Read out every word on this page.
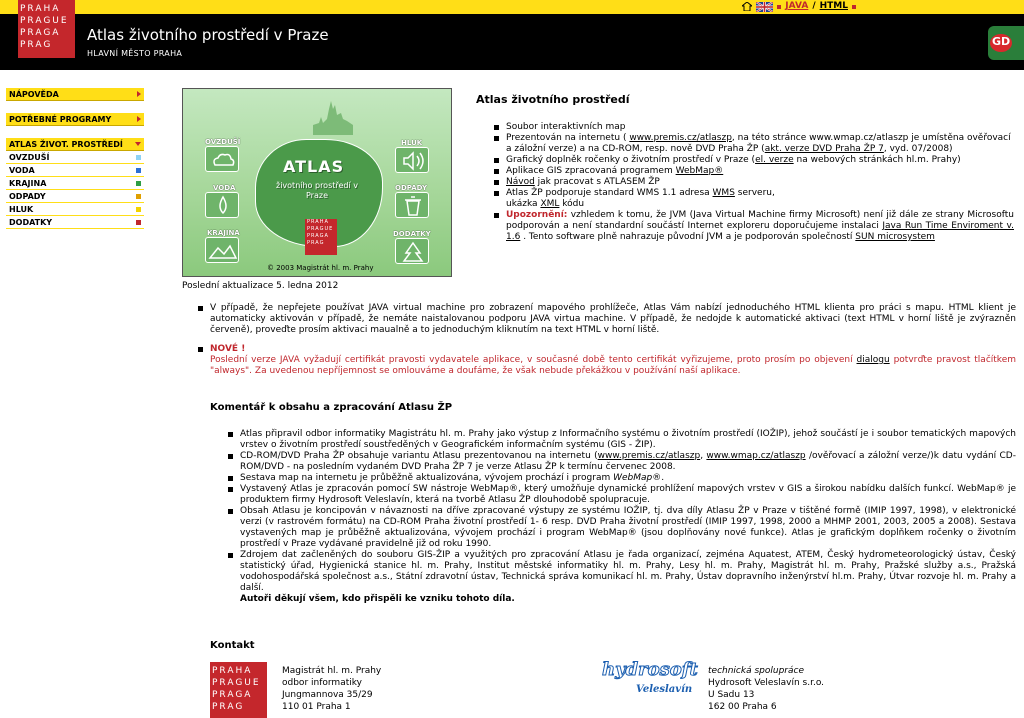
JAVA / HTML
Atlas životního prostředí v Praze
HLAVNÍ MĚSTO PRAHA
GD
PRAHA
PRAGUE
PRAGA
PRAG
NÁPOVĚDA
POTŘEBNÉ PROGRAMY
ATLAS ŽIVOT. PROSTŘEDÍ
OVZDUŠÍ
VODA
KRAJINA
ODPADY
HLUK
DODATKY
ATLAS
životního prostředí v Praze
PRAHA
PRAGUE
PRAGA
PRAG
OVZDUŠÍ
VODA
KRAJINA
HLUK
ODPADY
DODATKY
© 2003 Magistrát hl. m. Prahy
Poslední aktualizace 5. ledna 2012
Atlas životního prostředí
Soubor interaktivních map
Prezentován na internetu ( www.premis.cz/atlaszp, na této stránce www.wmap.cz/atlaszp je umístěna ověřovací a záložní verze) a na CD-ROM, resp. nově DVD Praha ŽP (akt. verze DVD Praha ŽP 7, vyd. 07/2008)
Grafický doplněk ročenky o životním prostředí v Praze (el. verze na webových stránkách hl.m. Prahy)
Aplikace GIS zpracovaná programem WebMap®
Návod jak pracovat s ATLASEM ŽP
Atlas ŽP podporuje standard WMS 1.1 adresa WMS serveru,
ukázka XML kódu
Upozornění: vzhledem k tomu, že JVM (Java Virtual Machine firmy Microsoft) není již dále ze strany Microsoftu podporován a není standardní součástí Internet exploreru doporučujeme instalaci Java Run Time Enviroment v. 1.6 . Tento software plně nahrazuje původní JVM a je podporován společností SUN microsystem
V případě, že nepřejete používat JAVA virtual machine pro zobrazení mapového prohlížeče, Atlas Vám nabízí jednoduchého HTML klienta pro práci s mapu. HTML klient je automaticky aktivován v případě, že nemáte naistalovanou podporu JAVA virtua machine. V případě, že nedojde k automatické aktivaci (text HTML v horní liště je zvýrazněn červeně), proveďte prosím aktivaci maualně a to jednoduchým kliknutím na text HTML v horní liště.
NOVÉ !
Poslední verze JAVA vyžadují certifikát pravosti vydavatele aplikace, v současné době tento certifikát vyřizujeme, proto prosím po objevení dialogu potvrďte pravost tlačítkem "always". Za uvedenou nepříjemnost se omlouváme a doufáme, že však nebude překážkou v používání naší aplikace.
Komentář k obsahu a zpracování Atlasu ŽP
Atlas připravil odbor informatiky Magistrátu hl. m. Prahy jako výstup z Informačního systému o životním prostředí (IOŽIP), jehož součástí je i soubor tematických mapových vrstev o životním prostředí soustředěných v Geografickém informačním systému (GIS - ŽIP).
CD-ROM/DVD Praha ŽP obsahuje variantu Atlasu prezentovanou na internetu (www.premis.cz/atlaszp, www.wmap.cz/atlaszp /ověřovací a záložní verze/)k datu vydání CD-ROM/DVD - na posledním vydaném DVD Praha ŽP 7 je verze Atlasu ŽP k termínu červenec 2008.
Sestava map na internetu je průběžně aktualizována, vývojem prochází i program WebMap®.
Vystavený Atlas je zpracován pomocí SW nástroje WebMap®, který umožňuje dynamické prohlížení mapových vrstev v GIS a širokou nabídku dalších funkcí. WebMap® je produktem firmy Hydrosoft Veleslavín, která na tvorbě Atlasu ŽP dlouhodobě spolupracuje.
Obsah Atlasu je koncipován v návaznosti na dříve zpracované výstupy ze systému IOŽIP, tj. dva díly Atlasu ŽP v Praze v tištěné formě (IMIP 1997, 1998), v elektronické verzi (v rastrovém formátu) na CD-ROM Praha životní prostředí 1- 6 resp. DVD Praha životní prostředí (IMIP 1997, 1998, 2000 a MHMP 2001, 2003, 2005 a 2008). Sestava vystavených map je průběžně aktualizována, vývojem prochází i program WebMap® (jsou doplňovány nové funkce). Atlas je grafickým doplňkem ročenky o životním prostředí v Praze vydávané pravidelně již od roku 1990.
Zdrojem dat začleněných do souboru GIS-ŽIP a využitých pro zpracování Atlasu je řada organizací, zejména Aquatest, ATEM, Český hydrometeorologický ústav, Český statistický úřad, Hygienická stanice hl. m. Prahy, Institut městské informatiky hl. m. Prahy, Lesy hl. m. Prahy, Magistrát hl. m. Prahy, Pražské služby a.s., Pražská vodohospodářská společnost a.s., Státní zdravotní ústav, Technická správa komunikací hl. m. Prahy, Ústav dopravního inženýrství hl.m. Prahy, Útvar rozvoje hl. m. Prahy a další.
Autoři děkují všem, kdo přispěli ke vzniku tohoto díla.
Kontakt
PRAHA
PRAGUE
PRAGA
PRAG
Magistrát hl. m. Prahy
odbor informatiky
Jungmannova 35/29
110 01 Praha 1
hydrosoft
Veleslavín
technická spolupráce
Hydrosoft Veleslavín s.r.o.
U Sadu 13
162 00 Praha 6
